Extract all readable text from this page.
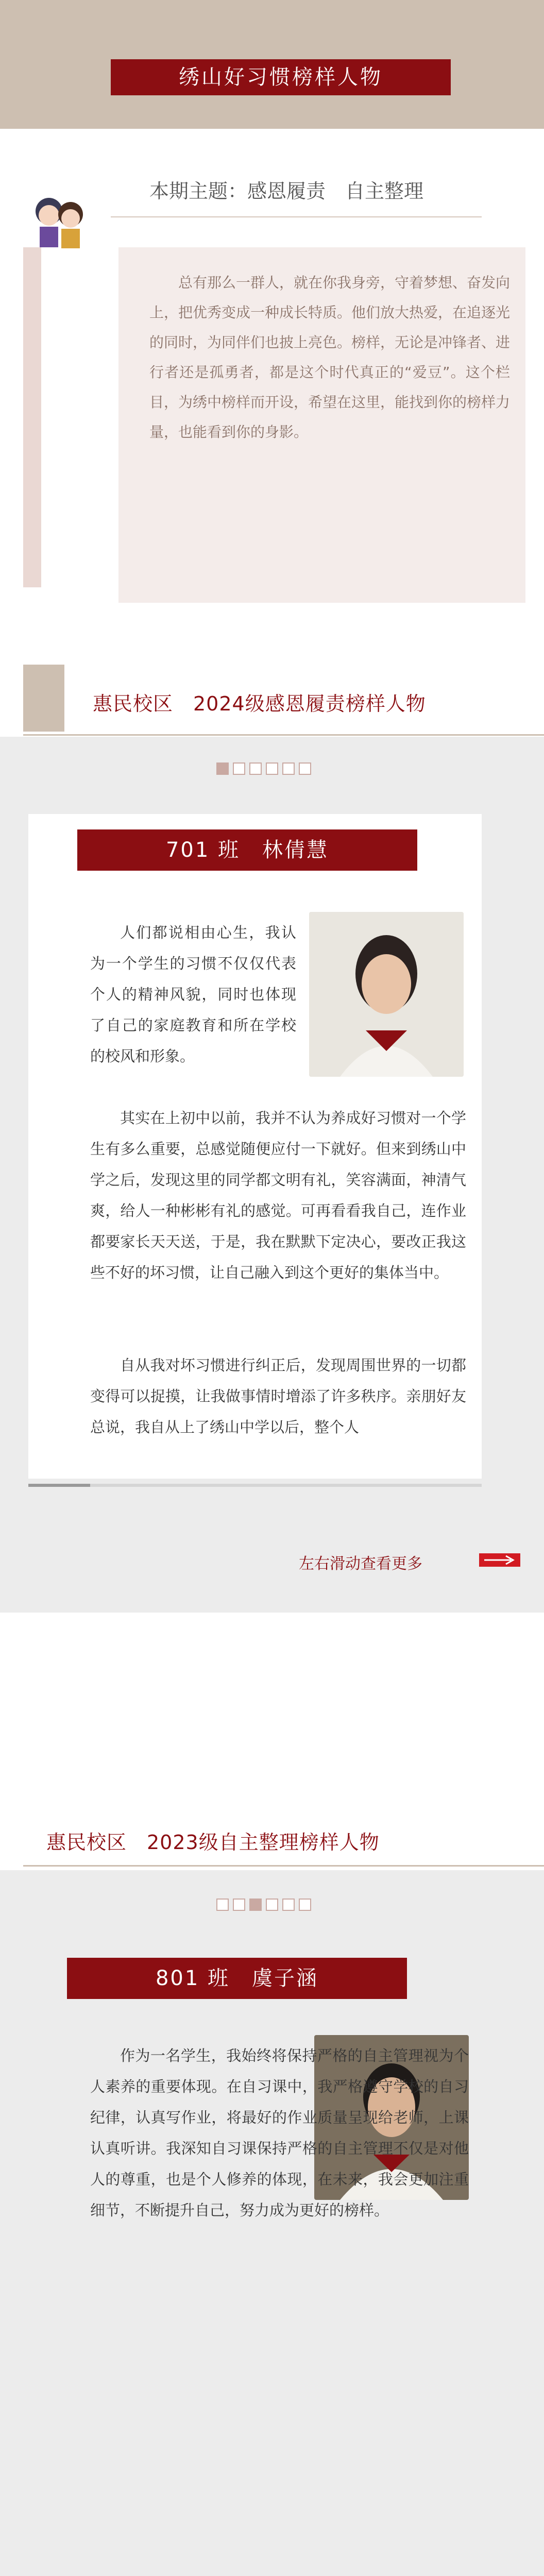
绣山好习惯榜样人物
本期主题：感恩履责　自主整理
总有那么一群人，就在你我身旁，守着梦想、奋发向上，把优秀变成一种成长特质。他们放大热爱，在追逐光的同时，为同伴们也披上亮色。榜样，无论是冲锋者、进行者还是孤勇者，都是这个时代真正的“爱豆”。这个栏目，为绣中榜样而开设，希望在这里，能找到你的榜样力量，也能看到你的身影。
惠民校区　2024级感恩履责榜样人物
701 班　林倩慧
人们都说相由心生，我认为一个学生的习惯不仅仅代表个人的精神风貌，同时也体现了自己的家庭教育和所在学校的校风和形象。
其实在上初中以前，我并不认为养成好习惯对一个学生有多么重要，总感觉随便应付一下就好。但来到绣山中学之后，发现这里的同学都文明有礼，笑容满面，神清气爽，给人一种彬彬有礼的感觉。可再看看我自己，连作业都要家长天天送，于是，我在默默下定决心，要改正我这些不好的坏习惯，让自己融入到这个更好的集体当中。
自从我对坏习惯进行纠正后，发现周围世界的一切都变得可以捉摸，让我做事情时增添了许多秩序。亲朋好友总说，我自从上了绣山中学以后，整个人
左右滑动查看更多
惠民校区　2023级自主整理榜样人物
801 班　虞子涵
作为一名学生，我始终将保持严格的自主管理视为个人素养的重要体现。在自习课中，我严格遵守学校的自习纪律，认真写作业，将最好的作业质量呈现给老师，上课认真听讲。我深知自习课保持严格的自主管理不仅是对他人的尊重，也是个人修养的体现，在未来，我会更加注重细节，不断提升自己，努力成为更好的榜样。
